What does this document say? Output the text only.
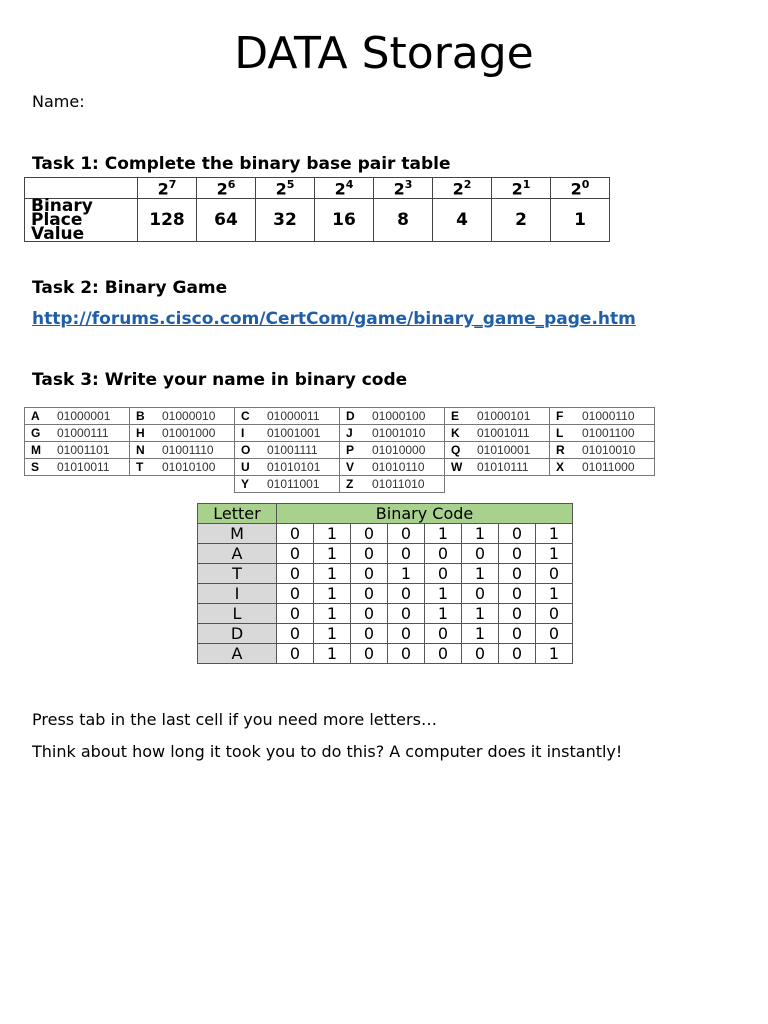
DATA Storage
Name:
Task 1: Complete the binary base pair table
	$2^7$	$2^6$	$2^5$	$2^4$	$2^3$	$2^2$	$2^1$	$2^0$
Binary Place Value	128	64	32	16	8	4	2	1
Task 2: Binary Game
http://forums.cisco.com/CertCom/game/binary_game_page.htm
Task 3: Write your name in binary code
A	01000001	B	01000010	C	01000011	D	01000100	E	01000101	F	01000110
G	01000111	H	01001000	I	01001001	J	01001010	K	01001011	L	01001100
M	01001101	N	01001110	O	01001111	P	01010000	Q	01010001	R	01010010
S	01010011	T	01010100	U	01010101	V	01010110	W	01010111	X	01011000
				Y	01011001	Z	01011010				
Letter	Binary Code							
M	0	1	0	0	1	1	0	1
A	0	1	0	0	0	0	0	1
T	0	1	0	1	0	1	0	0
I	0	1	0	0	1	0	0	1
L	0	1	0	0	1	1	0	0
D	0	1	0	0	0	1	0	0
A	0	1	0	0	0	0	0	1
Press tab in the last cell if you need more letters…
Think about how long it took you to do this? A computer does it instantly!
